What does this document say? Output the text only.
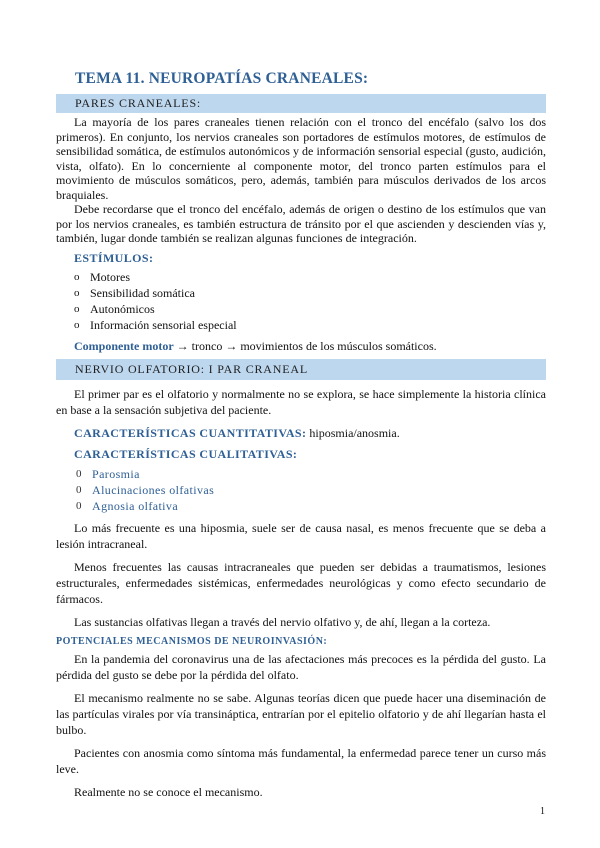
TEMA 11. NEUROPATÍAS CRANEALES:
PARES CRANEALES:

La mayoría de los pares craneales tienen relación con el tronco del encéfalo (salvo los dos primeros). En conjunto, los nervios craneales son portadores de estímulos motores, de estímulos de sensibilidad somática, de estímulos autonómicos y de información sensorial especial (gusto, audición, vista, olfato). En lo concerniente al componente motor, del tronco parten estímulos para el movimiento de músculos somáticos, pero, además, también para músculos derivados de los arcos braquiales.

Debe recordarse que el tronco del encéfalo, además de origen o destino de los estímulos que van por los nervios craneales, es también estructura de tránsito por el que ascienden y descienden vías y, también, lugar donde también se realizan algunas funciones de integración.

ESTÍMULOS:
o Motores
o Sensibilidad somática
o Autonómicos
o Información sensorial especial
Componente motor → tronco → movimientos de los músculos somáticos.
NERVIO OLFATORIO: I PAR CRANEAL

El primer par es el olfatorio y normalmente no se explora, se hace simplemente la historia clínica en base a la sensación subjetiva del paciente.

CARACTERÍSTICAS CUANTITATIVAS: hiposmia/anosmia.
CARACTERÍSTICAS CUALITATIVAS:
0 Parosmia
0 Alucinaciones olfativas
0 Agnosia olfativa

Lo más frecuente es una hiposmia, suele ser de causa nasal, es menos frecuente que se deba a lesión intracraneal.

Menos frecuentes las causas intracraneales que pueden ser debidas a traumatismos, lesiones estructurales, enfermedades sistémicas, enfermedades neurológicas y como efecto secundario de fármacos.

Las sustancias olfativas llegan a través del nervio olfativo y, de ahí, llegan a la corteza.

POTENCIALES MECANISMOS DE NEUROINVASIÓN:

En la pandemia del coronavirus una de las afectaciones más precoces es la pérdida del gusto. La pérdida del gusto se debe por la pérdida del olfato.

El mecanismo realmente no se sabe. Algunas teorías dicen que puede hacer una diseminación de las partículas virales por vía transináptica, entrarían por el epitelio olfatorio y de ahí llegarían hasta el bulbo.

Pacientes con anosmia como síntoma más fundamental, la enfermedad parece tener un curso más leve.

Realmente no se conoce el mecanismo.

1
